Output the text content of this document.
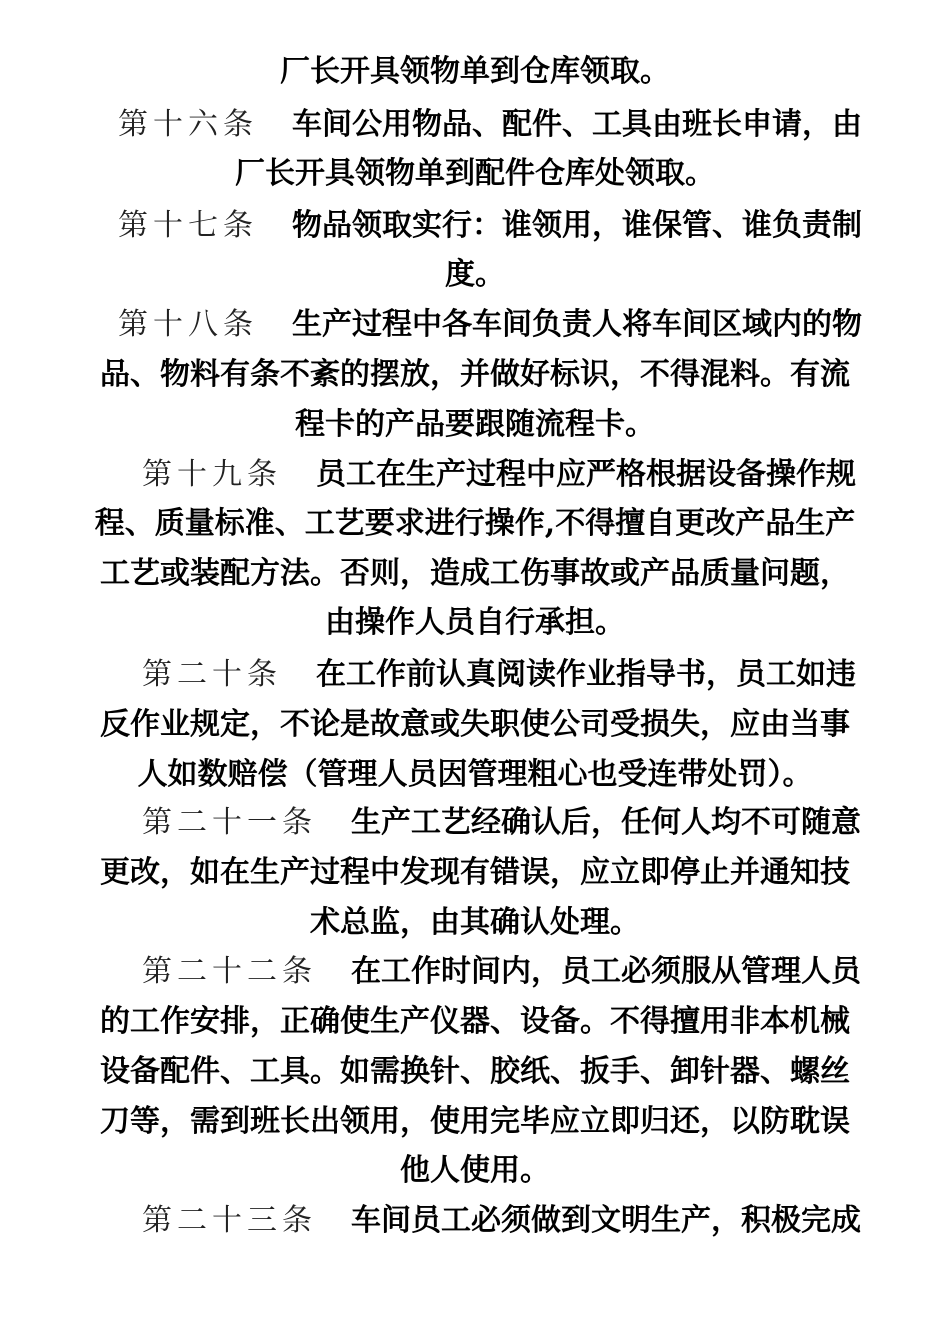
厂长开具领物单到仓库领取。
第十六条 车间公用物品、配件、工具由班长申请，由
厂长开具领物单到配件仓库处领取。
第十七条 物品领取实行：谁领用，谁保管、谁负责制
度。
第十八条 生产过程中各车间负责人将车间区域内的物
品、物料有条不紊的摆放，并做好标识，不得混料。有流
程卡的产品要跟随流程卡。
第十九条 员工在生产过程中应严格根据设备操作规
程、质量标准、工艺要求进行操作,不得擅自更改产品生产
工艺或装配方法。否则，造成工伤事故或产品质量问题，
由操作人员自行承担。
第二十条 在工作前认真阅读作业指导书，员工如违
反作业规定，不论是故意或失职使公司受损失，应由当事
人如数赔偿（管理人员因管理粗心也受连带处罚）。
第二十一条 生产工艺经确认后，任何人均不可随意
更改，如在生产过程中发现有错误，应立即停止并通知技
术总监，由其确认处理。
第二十二条 在工作时间内，员工必须服从管理人员
的工作安排，正确使生产仪器、设备。不得擅用非本机械
设备配件、工具。如需换针、胶纸、扳手、卸针器、螺丝
刀等，需到班长出领用，使用完毕应立即归还，以防耽误
他人使用。
第二十三条 车间员工必须做到文明生产，积极完成
